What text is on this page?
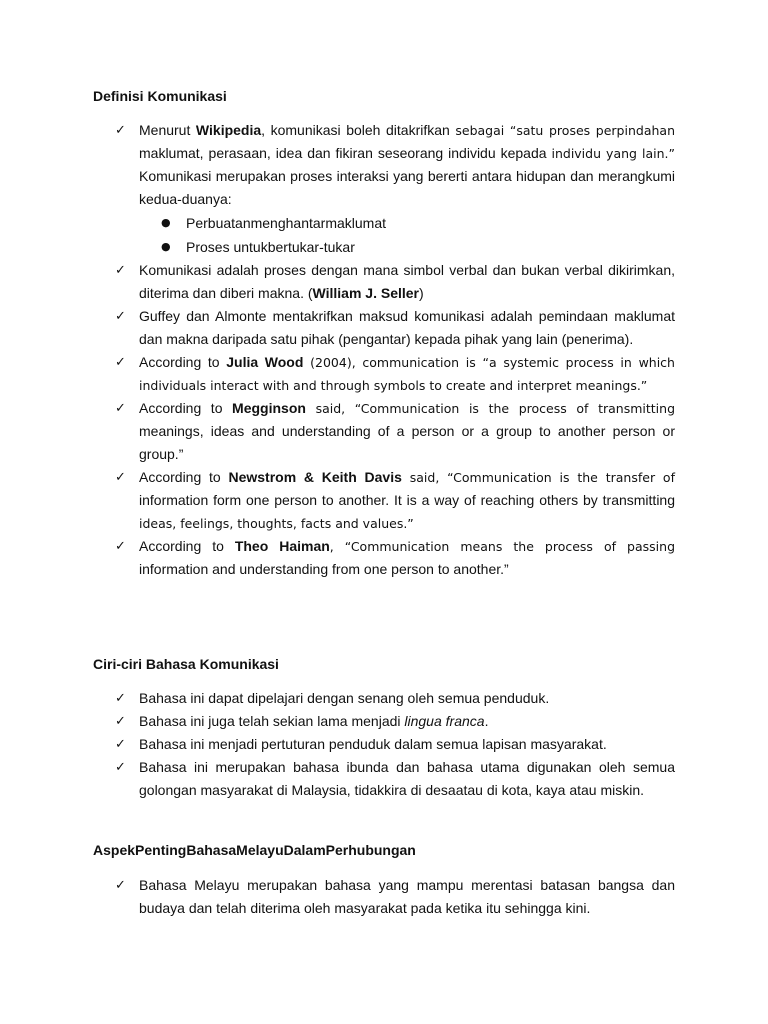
Definisi Komunikasi
✓ Menurut Wikipedia, komunikasi boleh ditakrifkan sebagai “satu proses perpindahan maklumat, perasaan, idea dan fikiran seseorang individu kepada individu yang lain.” Komunikasi merupakan proses interaksi yang bererti antara hidupan dan merangkumi kedua-duanya:
● Perbuatanmenghantarmaklumat
● Proses untukbertukar-tukar
✓ Komunikasi adalah proses dengan mana simbol verbal dan bukan verbal dikirimkan, diterima dan diberi makna. (William J. Seller)
✓ Guffey dan Almonte mentakrifkan maksud komunikasi adalah pemindaan maklumat dan makna daripada satu pihak (pengantar) kepada pihak yang lain (penerima).
✓ According to Julia Wood (2004), communication is “a systemic process in which individuals interact with and through symbols to create and interpret meanings.”
✓ According to Megginson said, “Communication is the process of transmitting meanings, ideas and understanding of a person or a group to another person or group.”
✓ According to Newstrom & Keith Davis said, “Communication is the transfer of information form one person to another. It is a way of reaching others by transmitting ideas, feelings, thoughts, facts and values.”
✓ According to Theo Haiman, “Communication means the process of passing information and understanding from one person to another.”
Ciri-ciri Bahasa Komunikasi
✓ Bahasa ini dapat dipelajari dengan senang oleh semua penduduk.
✓ Bahasa ini juga telah sekian lama menjadi lingua franca.
✓ Bahasa ini menjadi pertuturan penduduk dalam semua lapisan masyarakat.
✓ Bahasa ini merupakan bahasa ibunda dan bahasa utama digunakan oleh semua golongan masyarakat di Malaysia, tidakkira di desaatau di kota, kaya atau miskin.
AspekPentingBahasaMelayuDalamPerhubungan
✓ Bahasa Melayu merupakan bahasa yang mampu merentasi batasan bangsa dan budaya dan telah diterima oleh masyarakat pada ketika itu sehingga kini.
